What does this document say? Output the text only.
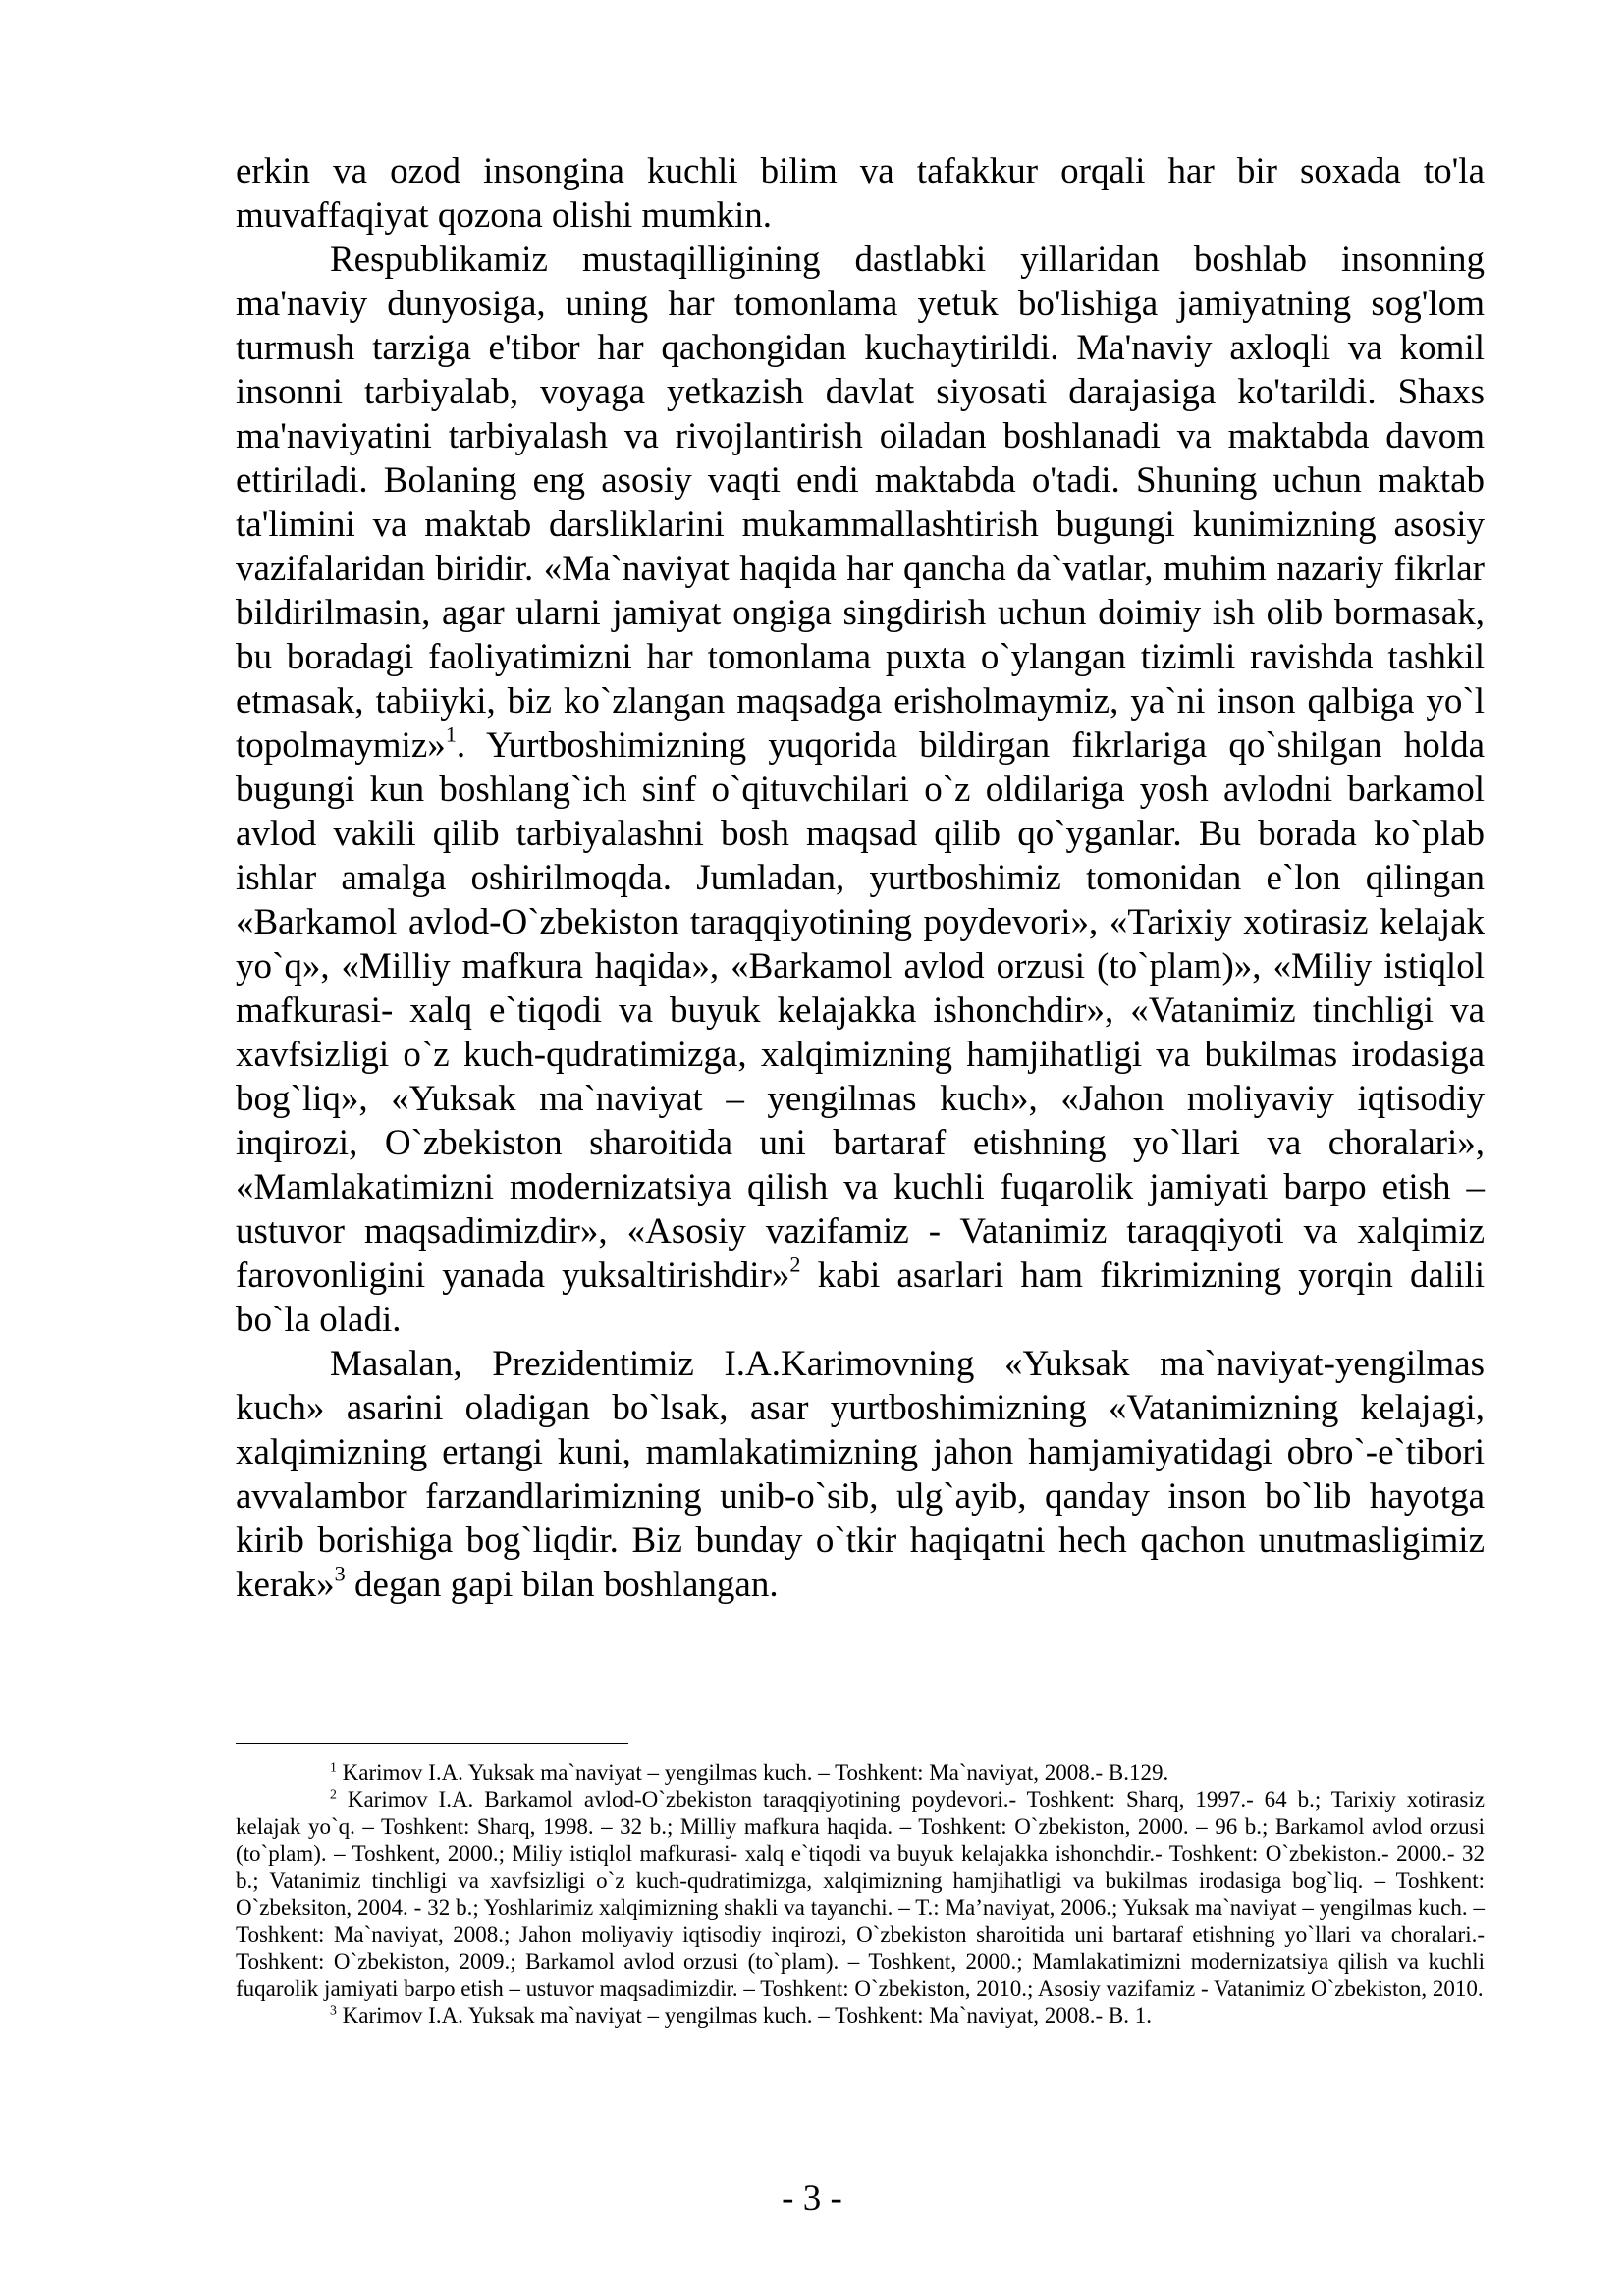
erkin va ozod insongina kuchli bilim va tafakkur orqali har bir soxada to'la muvaffaqiyat qozona olishi mumkin.

Respublikamiz mustaqilligining dastlabki yillaridan boshlab insonning ma'naviy dunyosiga, uning har tomonlama yetuk bo'lishiga jamiyatning sog'lom turmush tarziga e'tibor har qachongidan kuchaytirildi. Ma'naviy axloqli va komil insonni tarbiyalab, voyaga yetkazish davlat siyosati darajasiga ko'tarildi. Shaxs ma'naviyatini tarbiyalash va rivojlantirish oiladan boshlanadi va maktabda davom ettiriladi. Bolaning eng asosiy vaqti endi maktabda o'tadi. Shuning uchun maktab ta'limini va maktab darsliklarini mukammallashtirish bugungi kunimizning asosiy vazifalaridan biridir. «Ma`naviyat haqida har qancha da`vatlar, muhim nazariy fikrlar bildirilmasin, agar ularni jamiyat ongiga singdirish uchun doimiy ish olib bormasak, bu boradagi faoliyatimizni har tomonlama puxta o`ylangan tizimli ravishda tashkil etmasak, tabiiyki, biz ko`zlangan maqsadga erisholmaymiz, ya`ni inson qalbiga yo`l topolmaymiz»$^1$. Yurtboshimizning yuqorida bildirgan fikrlariga qo`shilgan holda bugungi kun boshlang`ich sinf o`qituvchilari o`z oldilariga yosh avlodni barkamol avlod vakili qilib tarbiyalashni bosh maqsad qilib qo`yganlar. Bu borada ko`plab ishlar amalga oshirilmoqda. Jumladan, yurtboshimiz tomonidan e`lon qilingan «Barkamol avlod-O`zbekiston taraqqiyotining poydevori», «Tarixiy xotirasiz kelajak yo`q», «Milliy mafkura haqida», «Barkamol avlod orzusi (to`plam)», «Miliy istiqlol mafkurasi- xalq e`tiqodi va buyuk kelajakka ishonchdir», «Vatanimiz tinchligi va xavfsizligi o`z kuch-qudratimizga, xalqimizning hamjihatligi va bukilmas irodasiga bog`liq», «Yuksak ma`naviyat – yengilmas kuch», «Jahon moliyaviy iqtisodiy inqirozi, O`zbekiston sharoitida uni bartaraf etishning yo`llari va choralari», «Mamlakatimizni modernizatsiya qilish va kuchli fuqarolik jamiyati barpo etish – ustuvor maqsadimizdir», «Asosiy vazifamiz - Vatanimiz taraqqiyoti va xalqimiz farovonligini yanada yuksaltirishdir»$^2$ kabi asarlari ham fikrimizning yorqin dalili bo`la oladi.

Masalan, Prezidentimiz I.A.Karimovning «Yuksak ma`naviyat-yengilmas kuch» asarini oladigan bo`lsak, asar yurtboshimizning «Vatanimizning kelajagi, xalqimizning ertangi kuni, mamlakatimizning jahon hamjamiyatidagi obro`-e`tibori avvalambor farzandlarimizning unib-o`sib, ulg`ayib, qanday inson bo`lib hayotga kirib borishiga bog`liqdir. Biz bunday o`tkir haqiqatni hech qachon unutmasligimiz kerak»$^3$ degan gapi bilan boshlangan.

$^1$ Karimov I.A. Yuksak ma`naviyat – yengilmas kuch. – Toshkent: Ma`naviyat, 2008.- B.129.

$^2$ Karimov I.A. Barkamol avlod-O`zbekiston taraqqiyotining poydevori.- Toshkent: Sharq, 1997.- 64 b.; Tarixiy xotirasiz kelajak yo`q. – Toshkent: Sharq, 1998. – 32 b.; Milliy mafkura haqida. – Toshkent: O`zbekiston, 2000. – 96 b.; Barkamol avlod orzusi (to`plam). – Toshkent, 2000.; Miliy istiqlol mafkurasi- xalq e`tiqodi va buyuk kelajakka ishonchdir.- Toshkent: O`zbekiston.- 2000.- 32 b.; Vatanimiz tinchligi va xavfsizligi o`z kuch-qudratimizga, xalqimizning hamjihatligi va bukilmas irodasiga bog`liq. – Toshkent: O`zbeksiton, 2004. - 32 b.; Yoshlarimiz xalqimizning shakli va tayanchi. – T.: Ma’naviyat, 2006.; Yuksak ma`naviyat – yengilmas kuch. – Toshkent: Ma`naviyat, 2008.; Jahon moliyaviy iqtisodiy inqirozi, O`zbekiston sharoitida uni bartaraf etishning yo`llari va choralari.- Toshkent: O`zbekiston, 2009.; Barkamol avlod orzusi (to`plam). – Toshkent, 2000.; Mamlakatimizni modernizatsiya qilish va kuchli fuqarolik jamiyati barpo etish – ustuvor maqsadimizdir. – Toshkent: O`zbekiston, 2010.; Asosiy vazifamiz - Vatanimiz O`zbekiston, 2010.

$^3$ Karimov I.A. Yuksak ma`naviyat – yengilmas kuch. – Toshkent: Ma`naviyat, 2008.- B. 1.

- 3 -
